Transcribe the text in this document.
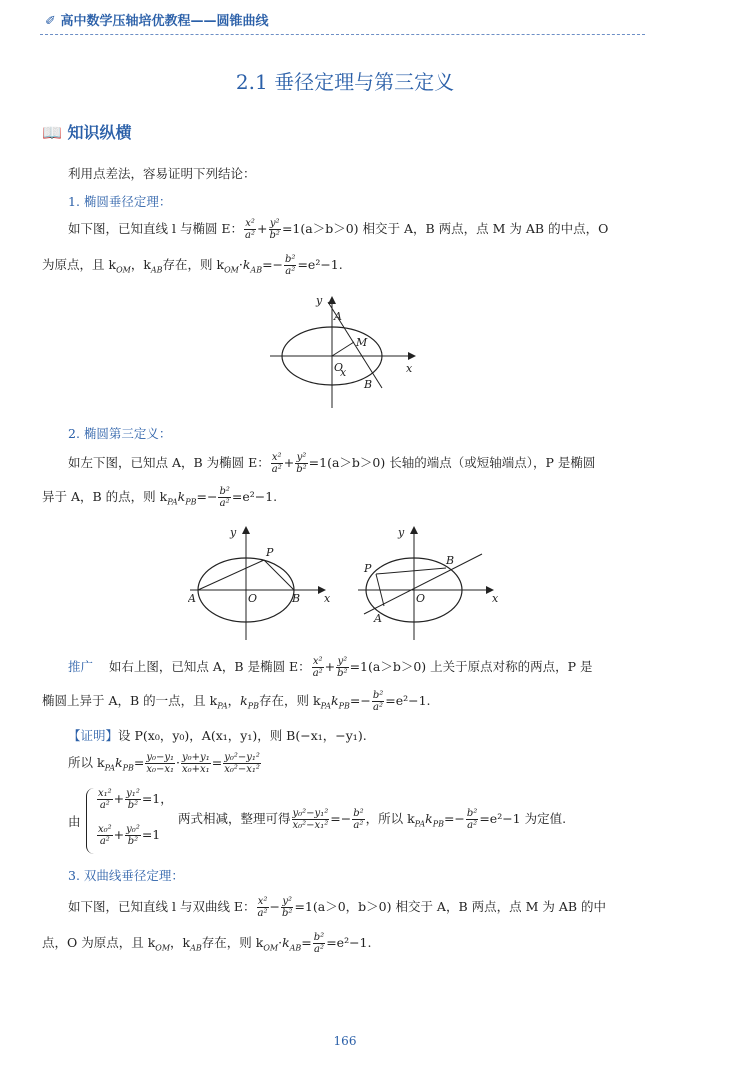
✐ 高中数学压轴培优教程——圆锥曲线
2.1 垂径定理与第三定义
📖 知识纵横
利用点差法，容易证明下列结论：
1. 椭圆垂径定理：
如下图，已知直线 l 与椭圆 E： $\frac{\text{x²}}{\text{a²}} + \frac{\text{y²}}{\text{b²}} =1(a>b>0)$ 相交于 A，B 两点，点 M 为 AB 的中点，O
为原点，且 $k_{OM}$，$k_{AB}$存在，则 $k_{OM}\cdot k_{AB}=- \frac{\text{b²}}{\text{a²}} =e^2-1$.
x	x
y
O
A
B
M
2. 椭圆第三定义：
如左下图，已知点 A，B 为椭圆 E： $\frac{\text{x²}}{\text{a²}} + \frac{\text{y²}}{\text{b²}} =1(a>b>0)$ 长轴的端点（或短轴端点），P 是椭圆
异于 A，B 的点，则 $k_{PA}k_{PB}=- \frac{\text{b²}}{\text{a²}} =e^2-1$.
x
y
O
A	B
P
x
y
O
A
B
P
推广 如右上图，已知点 A，B 是椭圆 E： $\frac{\text{x²}}{\text{a²}} + \frac{\text{y²}}{\text{b²}} =1(a>b>0)$ 上关于原点对称的两点，P 是
椭圆上异于 A，B 的一点，且 $k_{PA}$，$k_{PB}$存在，则 $k_{PA}k_{PB}=- \frac{\text{b²}}{\text{a²}} =e^2-1$.
【证明】设 P(x₀，y₀)，A(x₁，y₁)，则 B(−x₁，−y₁).
所以 $k_{PA}k_{PB}= \frac{\text{y₀−y₁}}{\text{x₀−x₁}} \cdot \frac{\text{y₀+y₁}}{\text{x₀+x₁}} = \frac{\text{y₀²−y₁²}}{\text{x₀²−x₁²}}$
由
$\frac{\text{x₁²}}{\text{a²}} + \frac{\text{y₁²}}{\text{b²}} =1$，
$\frac{\text{x₀²}}{\text{a²}} + \frac{\text{y₀²}}{\text{b²}} =1$
两式相减，整理可得 $\frac{\text{y₀²−y₁²}}{\text{x₀²−x₁²}} =- \frac{\text{b²}}{\text{a²}}$ ，所以 $k_{PA}k_{PB}=- \frac{\text{b²}}{\text{a²}} =e^2-1$ 为定值.
3. 双曲线垂径定理：
如下图，已知直线 l 与双曲线 E： $\frac{\text{x²}}{\text{a²}} - \frac{\text{y²}}{\text{b²}} =1(a>0$，b＞0) 相交于 A，B 两点，点 M 为 AB 的中
点，O 为原点，且 $k_{OM}$，$k_{AB}$存在，则 $k_{OM}\cdot k_{AB}= \frac{\text{b²}}{\text{a²}} =e^2-1$.
166
